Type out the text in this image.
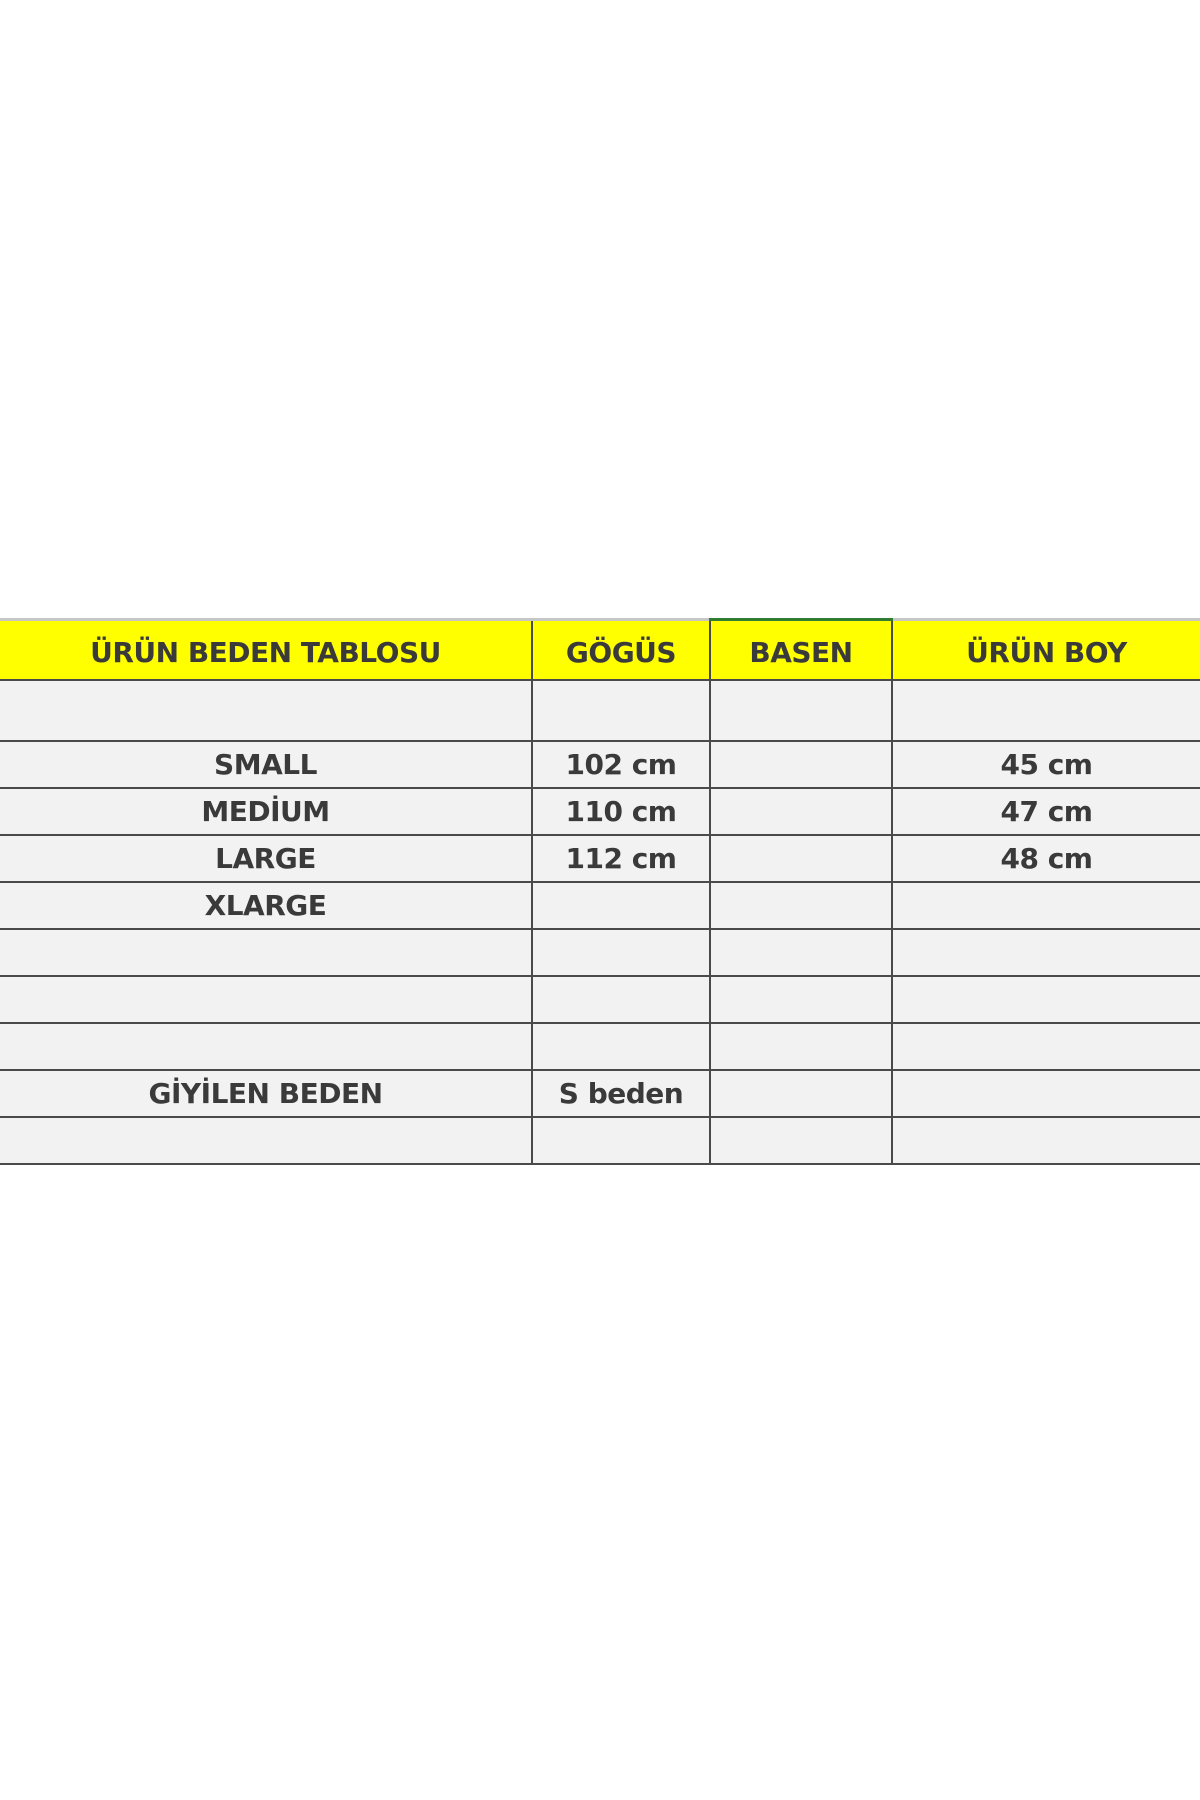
ÜRÜN BEDEN TABLOSU	GÖGÜS	BASEN	ÜRÜN BOY

SMALL	102 cm		45 cm
MEDİUM	110 cm		47 cm
LARGE	112 cm		48 cm
XLARGE			

GİYİLEN BEDEN	S beden		
